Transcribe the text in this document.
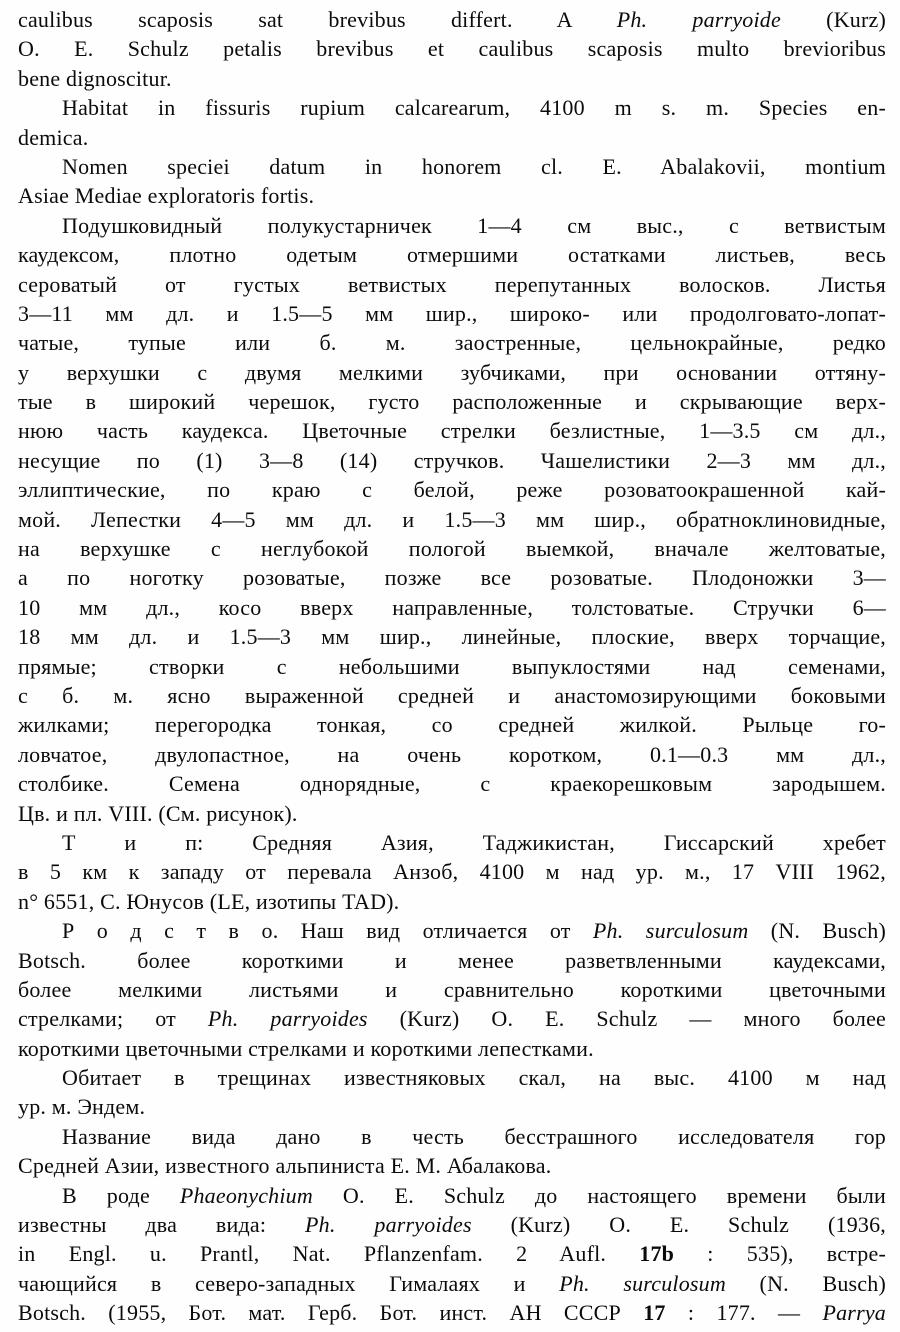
caulibus scaposis sat brevibus differt. A Ph. parryoide (Kurz)
O. E. Schulz petalis brevibus et caulibus scaposis multo brevioribus
bene dignoscitur.
Habitat in fissuris rupium calcarearum, 4100 m s. m. Species en-
demica.
Nomen speciei datum in honorem cl. E. Abalakovii, montium
Asiae Mediae exploratoris fortis.
Подушковидный полукустарничек 1—4 см выс., с ветвистым
каудексом, плотно одетым отмершими остатками листьев, весь
сероватый от густых ветвистых перепутанных волосков. Листья
3—11 мм дл. и 1.5—5 мм шир., широко- или продолговато-лопат-
чатые, тупые или б. м. заостренные, цельнокрайные, редко
у верхушки с двумя мелкими зубчиками, при основании оттяну-
тые в широкий черешок, густо расположенные и скрывающие верх-
нюю часть каудекса. Цветочные стрелки безлистные, 1—3.5 см дл.,
несущие по (1) 3—8 (14) стручков. Чашелистики 2—3 мм дл.,
эллиптические, по краю с белой, реже розоватоокрашенной кай-
мой. Лепестки 4—5 мм дл. и 1.5—3 мм шир., обратноклиновидные,
на верхушке с неглубокой пологой выемкой, вначале желтоватые,
а по ноготку розоватые, позже все розоватые. Плодоножки 3—
10 мм дл., косо вверх направленные, толстоватые. Стручки 6—
18 мм дл. и 1.5—3 мм шир., линейные, плоские, вверх торчащие,
прямые; створки с небольшими выпуклостями над семенами,
с б. м. ясно выраженной средней и анастомозирующими боковыми
жилками; перегородка тонкая, со средней жилкой. Рыльце го-
ловчатое, двулопастное, на очень коротком, 0.1—0.3 мм дл.,
столбике. Семена однорядные, с краекорешковым зародышем.
Цв. и пл. VIII. (См. рисунок).
Т и п: Средняя Азия, Таджикистан, Гиссарский хребет
в 5 км к западу от перевала Анзоб, 4100 м над ур. м., 17 VIII 1962,
n° 6551, С. Юнусов (LE, изотипы TAD).
Р о д с т в о. Наш вид отличается от Ph. surculosum (N. Busch)
Botsch. более короткими и менее разветвленными каудексами,
более мелкими листьями и сравнительно короткими цветочными
стрелками; от Ph. parryoides (Kurz) O. E. Schulz — много более
короткими цветочными стрелками и короткими лепестками.
Обитает в трещинах известняковых скал, на выс. 4100 м над
ур. м. Эндем.
Название вида дано в честь бесстрашного исследователя гор
Средней Азии, известного альпиниста Е. М. Абалакова.
В роде Phaeonychium O. E. Schulz до настоящего времени были
известны два вида: Ph. parryoides (Kurz) O. E. Schulz (1936,
in Engl. u. Prantl, Nat. Pflanzenfam. 2 Aufl. 17b : 535), встре-
чающийся в северо-западных Гималаях и Ph. surculosum (N. Busch)
Botsch. (1955, Бот. мат. Герб. Бот. инст. АН СССР 17 : 177. — Parrya
